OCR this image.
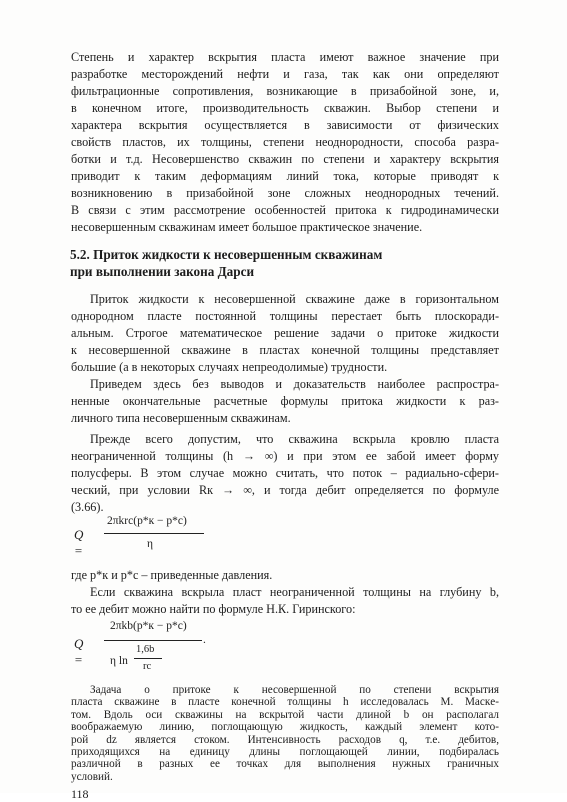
Степень и характер вскрытия пласта имеют важное значение при
разработке месторождений нефти и газа, так как они определяют
фильтрационные сопротивления, возникающие в призабойной зоне, и,
в конечном итоге, производительность скважин. Выбор степени и
характера вскрытия осуществляется в зависимости от физических
свойств пластов, их толщины, степени неоднородности, способа разра-
ботки и т.д. Несовершенство скважин по степени и характеру вскрытия
приводит к таким деформациям линий тока, которые приводят к
возникновению в призабойной зоне сложных неоднородных течений.
В связи с этим рассмотрение особенностей притока к гидродинамически
несовершенным скважинам имеет большое практическое значение.
5.2. Приток жидкости к несовершенным скважинам
при выполнении закона Дарси
Приток жидкости к несовершенной скважине даже в горизонтальном
однородном пласте постоянной толщины перестает быть плоскоради-
альным. Строгое математическое решение задачи о притоке жидкости
к несовершенной скважине в пластах конечной толщины представляет
большие (а в некоторых случаях непреодолимые) трудности.
Приведем здесь без выводов и доказательств наиболее распростра-
ненные окончательные расчетные формулы притока жидкости к раз-
личного типа несовершенным скважинам.
Прежде всего допустим, что скважина вскрыла кровлю пласта
неограниченной толщины (h → ∞) и при этом ее забой имеет форму
полусферы. В этом случае можно считать, что поток – радиально-сфери-
ческий, при условии Rк → ∞, и тогда дебит определяется по формуле
(3.66).
Q =
2πkrс(p*к − p*с)
η
где p*к и p*с – приведенные давления.
Если скважина вскрыла пласт неограниченной толщины на глубину b,
то ее дебит можно найти по формуле Н.К. Гиринского:
Q =
2πkb(p*к − p*с)
η ln
1,6b
rс
.
118
Задача о притоке к несовершенной по степени вскрытия
пласта скважине в пласте конечной толщины h исследовалась М. Маскe-
том. Вдоль оси скважины на вскрытой части длиной b он располагал
воображаемую линию, поглощающую жидкость, каждый элемент кото-
рой dz является стоком. Интенсивность расходов q, т.е. дебитов,
приходящихся на единицу длины поглощающей линии, подбиралась
различной в разных ее точках для выполнения нужных граничных
условий.
